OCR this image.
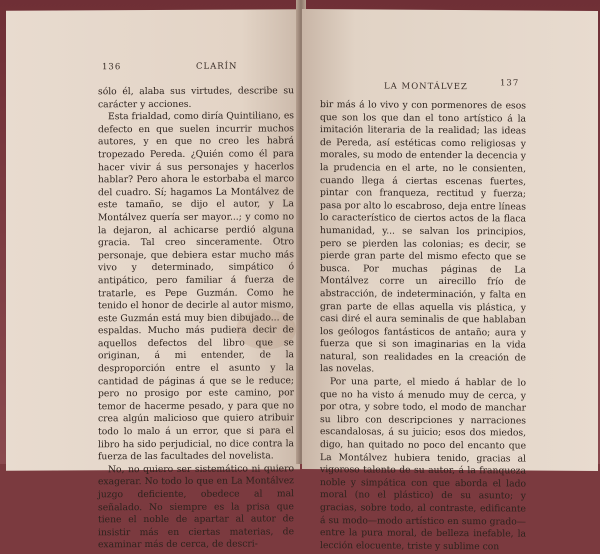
136	CLARÍN

sólo él, alaba sus virtudes, describe su carácter y acciones.

Esta frialdad, como diría Quintiliano, es defecto en que suelen incurrir muchos autores, y en que no creo les habrá tropezado Pereda. ¿Quién como él para hacer vivir á sus personajes y hacerlos hablar? Pero ahora le estorbaba el marco del cuadro. Sí; hagamos La Montálvez de este tamaño, se dijo el autor, y La Montálvez quería ser mayor...; y como no la dejaron, al achicarse perdió alguna gracia. Tal creo sinceramente. Otro personaje, que debiera estar mucho más vivo y determinado, simpático ó antipático, pero familiar á fuerza de tratarle, es Pepe Guzmán. Como he tenido el honor de decirle al autor mismo, este Guzmán está muy bien dibujado... de espaldas. Mucho más pudiera decir de aquellos defectos del libro que se originan, á mi entender, de la desproporción entre el asunto y la cantidad de páginas á que se le reduce; pero no prosigo por este camino, por temor de hacerme pesado, y para que no crea algún malicioso que quiero atribuir todo lo malo á un error, que si para el libro ha sido perjudicial, no dice contra la fuerza de las facultades del novelista.

No, no quiero ser sistemático ni quiero exagerar. No todo lo que en La Montálvez juzgo deficiente, obedece al mal señalado. No siempre es la prisa que tiene el noble de apartar al autor de insistir más en ciertas materias, de examinar más de cerca, de descri-

LA MONTÁLVEZ	137

bir más á lo vivo y con pormenores de esos que son los que dan el tono artístico á la imitación literaria de la realidad; las ideas de Pereda, así estéticas como religiosas y morales, su modo de entender la decencia y la prudencia en el arte, no le consienten, cuando llega á ciertas escenas fuertes, pintar con franqueza, rectitud y fuerza; pasa por alto lo escabroso, deja entre líneas lo característico de ciertos actos de la flaca humanidad, y... se salvan los principios, pero se pierden las colonias; es decir, se pierde gran parte del mismo efecto que se busca. Por muchas páginas de La Montálvez corre un airecillo frío de abstracción, de indeterminación, y falta en gran parte de ellas aquella vis plástica, y casi diré el aura seminalis de que hablaban los geólogos fantásticos de antaño; aura y fuerza que si son imaginarias en la vida natural, son realidades en la creación de las novelas.

Por una parte, el miedo á hablar de lo que no ha visto á menudo muy de cerca, y por otra, y sobre todo, el modo de manchar su libro con descripciones y narraciones escandalosas, á su juicio; esos dos miedos, digo, han quitado no poco del encanto que La Montálvez hubiera tenido, gracias al vigoroso talento de su autor, á la franqueza noble y simpática con que aborda el lado moral (no el plástico) de su asunto; y gracias, sobre todo, al contraste, edificante á su modo—modo artístico en sumo grado—entre la pura moral, de belleza inefable, la lección elocuente, triste y sublime con
